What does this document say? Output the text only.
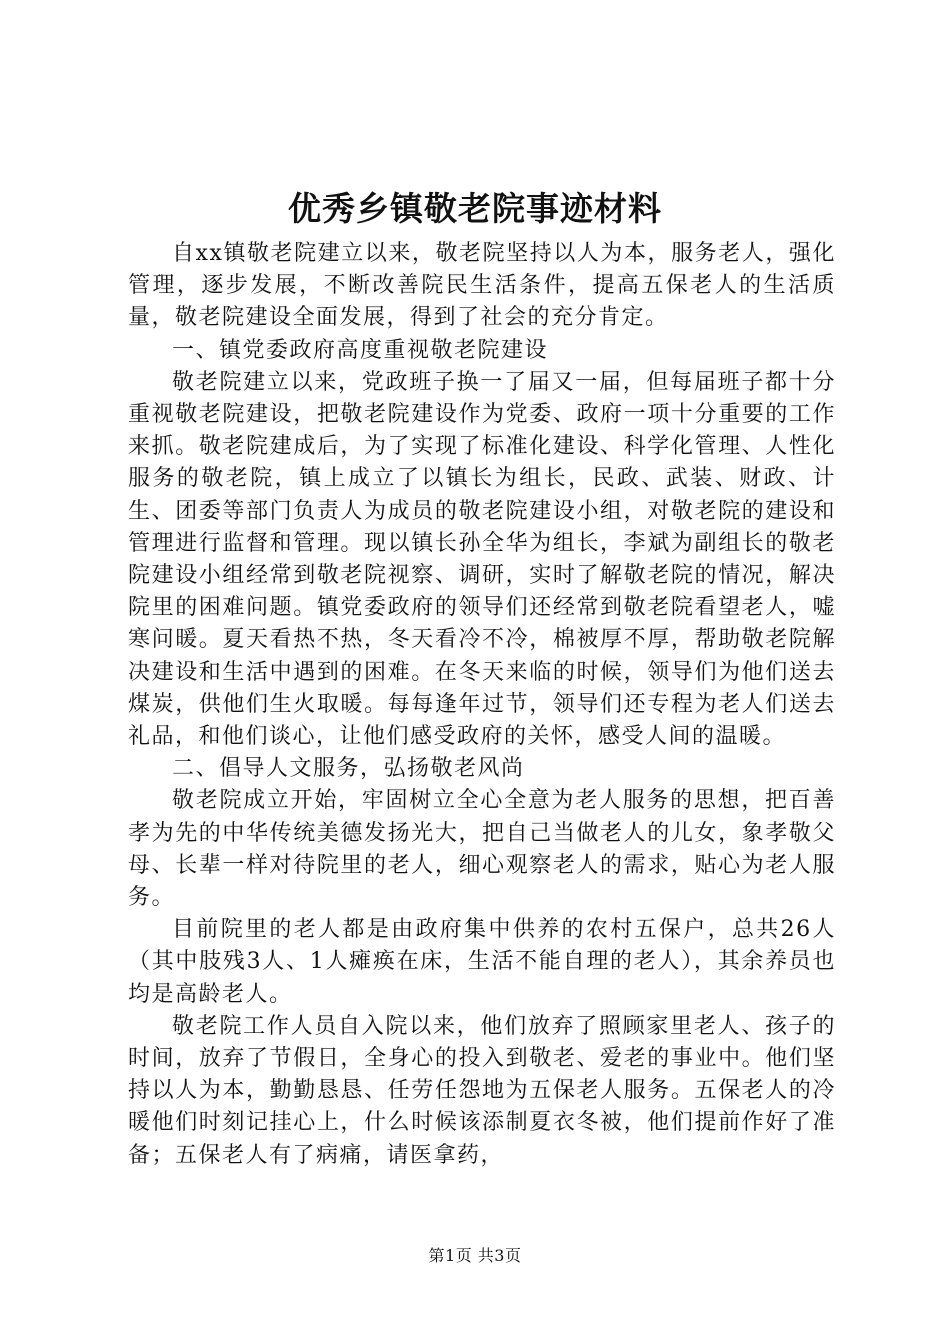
优秀乡镇敬老院事迹材料

自xx镇敬老院建立以来，敬老院坚持以人为本，服务老人，强化管理，逐步发展，不断改善院民生活条件，提高五保老人的生活质量，敬老院建设全面发展，得到了社会的充分肯定。

一、镇党委政府高度重视敬老院建设

敬老院建立以来，党政班子换一了届又一届，但每届班子都十分重视敬老院建设，把敬老院建设作为党委、政府一项十分重要的工作来抓。敬老院建成后，为了实现了标准化建设、科学化管理、人性化服务的敬老院，镇上成立了以镇长为组长，民政、武装、财政、计生、团委等部门负责人为成员的敬老院建设小组，对敬老院的建设和管理进行监督和管理。现以镇长孙全华为组长，李斌为副组长的敬老院建设小组经常到敬老院视察、调研，实时了解敬老院的情况，解决院里的困难问题。镇党委政府的领导们还经常到敬老院看望老人，嘘寒问暖。夏天看热不热，冬天看冷不冷，棉被厚不厚，帮助敬老院解决建设和生活中遇到的困难。在冬天来临的时候，领导们为他们送去煤炭，供他们生火取暖。每每逢年过节，领导们还专程为老人们送去礼品，和他们谈心，让他们感受政府的关怀，感受人间的温暖。

二、倡导人文服务，弘扬敬老风尚

敬老院成立开始，牢固树立全心全意为老人服务的思想，把百善孝为先的中华传统美德发扬光大，把自己当做老人的儿女，象孝敬父母、长辈一样对待院里的老人，细心观察老人的需求，贴心为老人服务。

目前院里的老人都是由政府集中供养的农村五保户，总共26人（其中肢残3人、1人瘫痪在床，生活不能自理的老人），其余养员也均是高龄老人。

敬老院工作人员自入院以来，他们放弃了照顾家里老人、孩子的时间，放弃了节假日，全身心的投入到敬老、爱老的事业中。他们坚持以人为本，勤勤恳恳、任劳任怨地为五保老人服务。五保老人的冷暖他们时刻记挂心上，什么时候该添制夏衣冬被，他们提前作好了准备；五保老人有了病痛，请医拿药，

第1页 共3页
